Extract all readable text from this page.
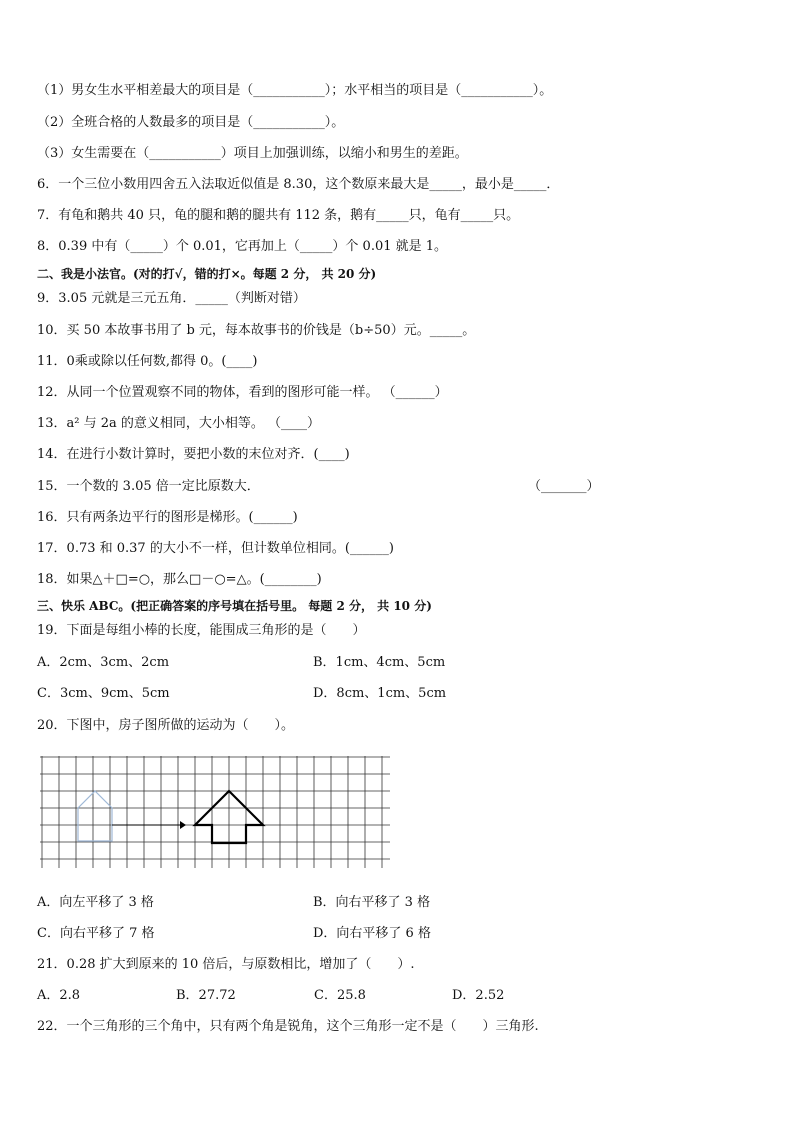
（1）男女生水平相差最大的项目是（___________）；水平相当的项目是（___________）。
（2）全班合格的人数最多的项目是（___________）。
（3）女生需要在（___________）项目上加强训练，以缩小和男生的差距。
6．一个三位小数用四舍五入法取近似值是 8.30，这个数原来最大是_____，最小是_____．
7．有龟和鹅共 40 只，龟的腿和鹅的腿共有 112 条，鹅有_____只，龟有_____只。
8．0.39 中有（_____）个 0.01，它再加上（_____）个 0.01 就是 1。
二、我是小法官。(对的打√，错的打×。每题 2 分， 共 20 分)
9．3.05 元就是三元五角．_____（判断对错）
10．买 50 本故事书用了 b 元，每本故事书的价钱是（b÷50）元。_____。
11．0乘或除以任何数,都得 0。(____)
12．从同一个位置观察不同的物体，看到的图形可能一样。 （______）
13．a² 与 2a 的意义相同，大小相等。 （____）
14．在进行小数计算时，要把小数的末位对齐．(____)
15．一个数的 3.05 倍一定比原数大．	（_______）
16．只有两条边平行的图形是梯形。(______)
17．0.73 和 0.37 的大小不一样，但计数单位相同。(______)
18．如果△＋□=○，那么□－○=△。(________)
三、快乐 ABC。(把正确答案的序号填在括号里。 每题 2 分， 共 10 分)
19．下面是每组小棒的长度，能围成三角形的是（　　）
A．2cm、3cm、2cm	B．1cm、4cm、5cm
C．3cm、9cm、5cm	D．8cm、1cm、5cm
20．下图中，房子图所做的运动为（　　）。
A．向左平移了 3 格	B．向右平移了 3 格
C．向右平移了 7 格	D．向右平移了 6 格
21．0.28 扩大到原来的 10 倍后，与原数相比，增加了（　　）.
A．2.8	B．27.72	C．25.8	D．2.52
22．一个三角形的三个角中，只有两个角是锐角，这个三角形一定不是（　　）三角形.
